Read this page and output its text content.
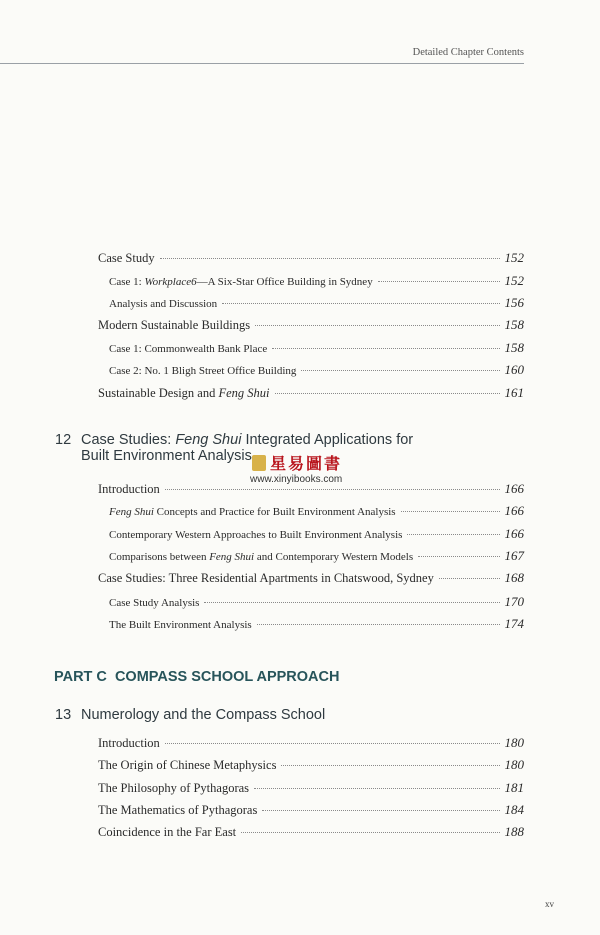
Detailed Chapter Contents
Case Study	152
Case 1: Workplace6—A Six-Star Office Building in Sydney	152
Analysis and Discussion	156
Modern Sustainable Buildings	158
Case 1: Commonwealth Bank Place	158
Case 2: No. 1 Bligh Street Office Building	160
Sustainable Design and Feng Shui	161
12 Case Studies: Feng Shui Integrated Applications for
Built Environment Analysis	星易圖書
www.xinyibooks.com
Introduction	166
Feng Shui Concepts and Practice for Built Environment Analysis	166
Contemporary Western Approaches to Built Environment Analysis	166
Comparisons between Feng Shui and Contemporary Western Models	167
Case Studies: Three Residential Apartments in Chatswood, Sydney	168
Case Study Analysis	170
The Built Environment Analysis	174
PART C  COMPASS SCHOOL APPROACH
13 Numerology and the Compass School
Introduction	180
The Origin of Chinese Metaphysics	180
The Philosophy of Pythagoras	181
The Mathematics of Pythagoras	184
Coincidence in the Far East	188
xv
